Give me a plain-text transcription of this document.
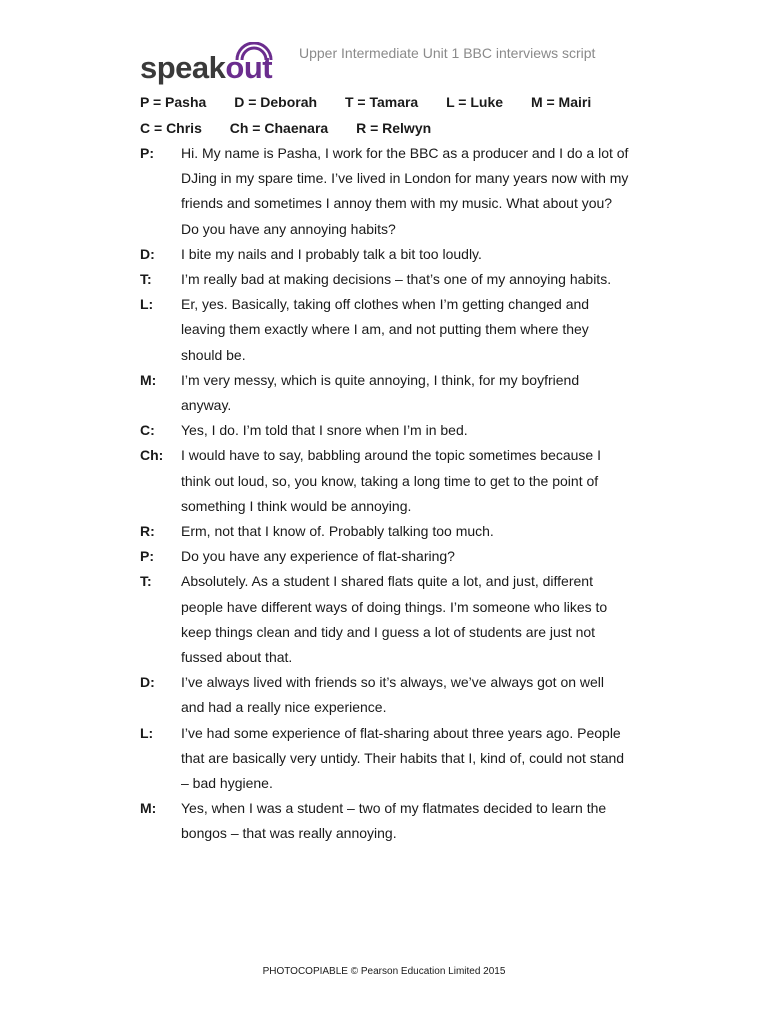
speakout Upper Intermediate Unit 1 BBC interviews script
P = Pasha D = Deborah T = Tamara L = Luke M = Mairi
C = Chris Ch = Chaenara R = Relwyn
P: Hi. My name is Pasha, I work for the BBC as a producer and I do a lot of DJing in my spare time. I’ve lived in London for many years now with my friends and sometimes I annoy them with my music. What about you? Do you have any annoying habits?
D: I bite my nails and I probably talk a bit too loudly.
T: I’m really bad at making decisions – that’s one of my annoying habits.
L: Er, yes. Basically, taking off clothes when I’m getting changed and leaving them exactly where I am, and not putting them where they should be.
M: I’m very messy, which is quite annoying, I think, for my boyfriend anyway.
C: Yes, I do. I’m told that I snore when I’m in bed.
Ch: I would have to say, babbling around the topic sometimes because I think out loud, so, you know, taking a long time to get to the point of something I think would be annoying.
R: Erm, not that I know of. Probably talking too much.
P: Do you have any experience of flat-sharing?
T: Absolutely. As a student I shared flats quite a lot, and just, different people have different ways of doing things. I’m someone who likes to keep things clean and tidy and I guess a lot of students are just not fussed about that.
D: I’ve always lived with friends so it’s always, we’ve always got on well and had a really nice experience.
L: I’ve had some experience of flat-sharing about three years ago. People that are basically very untidy. Their habits that I, kind of, could not stand – bad hygiene.
M: Yes, when I was a student – two of my flatmates decided to learn the bongos – that was really annoying.
PHOTOCOPIABLE © Pearson Education Limited 2015
